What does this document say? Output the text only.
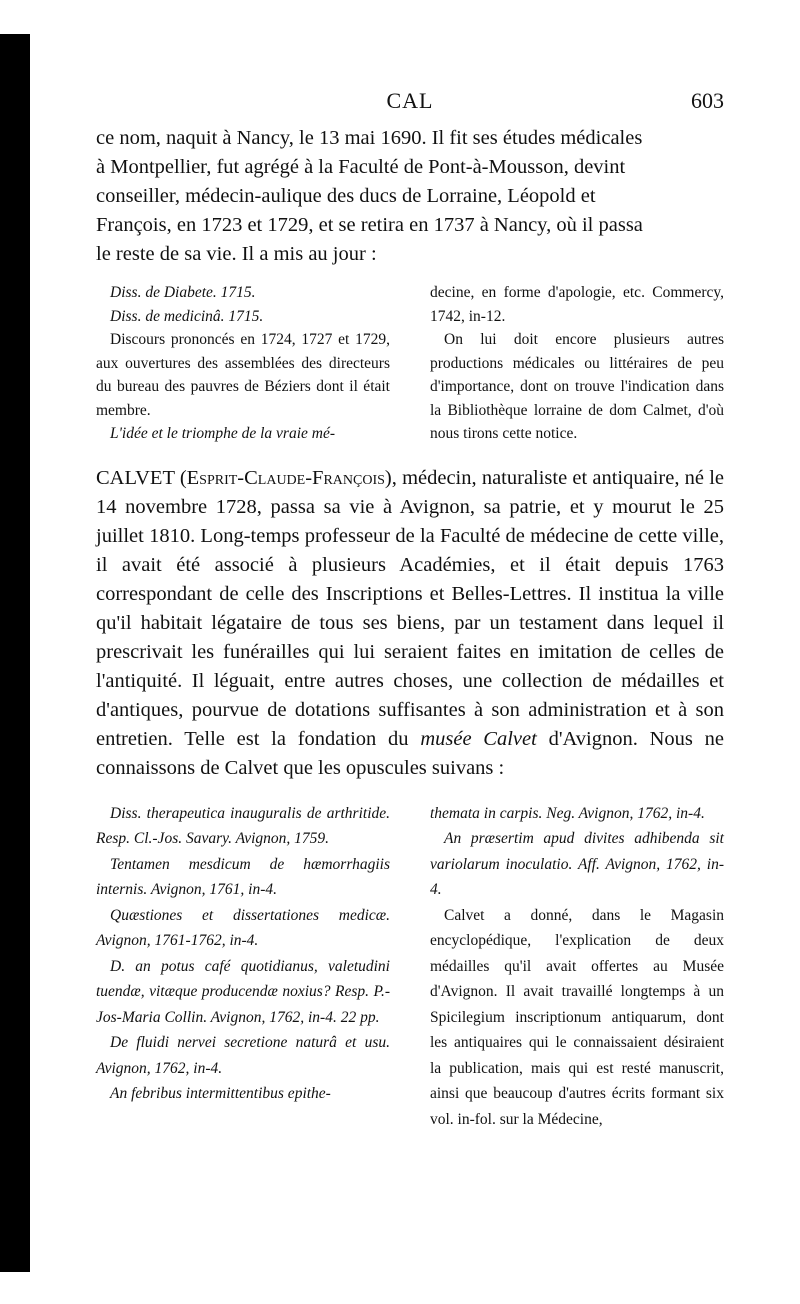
CAL	603

ce nom, naquit à Nancy, le 13 mai 1690. Il fit ses études médicales

à Montpellier, fut agrégé à la Faculté de Pont-à-Mousson, devint

conseiller, médecin-aulique des ducs de Lorraine, Léopold et

François, en 1723 et 1729, et se retira en 1737 à Nancy, où il passa

le reste de sa vie. Il a mis au jour :

Diss. de Diabete. 1715.

Diss. de medicinâ. 1715.

Discours prononcés en 1724, 1727 et 1729, aux ouvertures des assemblées des directeurs du bureau des pauvres de Béziers dont il était membre.

L'idée et le triomphe de la vraie mé-

decine, en forme d'apologie, etc. Commercy, 1742, in-12.

On lui doit encore plusieurs autres productions médicales ou littéraires de peu d'importance, dont on trouve l'indication dans la Bibliothèque lorraine de dom Calmet, d'où nous tirons cette notice.

CALVET (Esprit-Claude-François), médecin, naturaliste et antiquaire, né le 14 novembre 1728, passa sa vie à Avignon, sa patrie, et y mourut le 25 juillet 1810. Long-temps professeur de la Faculté de médecine de cette ville, il avait été associé à plusieurs Académies, et il était depuis 1763 correspondant de celle des Inscriptions et Belles-Lettres. Il institua la ville qu'il habitait légataire de tous ses biens, par un testament dans lequel il prescrivait les funérailles qui lui seraient faites en imitation de celles de l'antiquité. Il léguait, entre autres choses, une collection de médailles et d'antiques, pourvue de dotations suffisantes à son administration et à son entretien. Telle est la fondation du musée Calvet d'Avignon. Nous ne connaissons de Calvet que les opuscules suivans :

Diss. therapeutica inauguralis de arthritide. Resp. Cl.-Jos. Savary. Avignon, 1759.

Tentamen mesdicum de hæmorrhagiis internis. Avignon, 1761, in-4.

Quæstiones et dissertationes medicæ. Avignon, 1761-1762, in-4.

D. an potus café quotidianus, valetudini tuendæ, vitæque producendæ noxius? Resp. P.-Jos-Maria Collin. Avignon, 1762, in-4. 22 pp.

De fluidi nervei secretione naturâ et usu. Avignon, 1762, in-4.

An febribus intermittentibus epithe-

themata in carpis. Neg. Avignon, 1762, in-4.

An præsertim apud divites adhibenda sit variolarum inoculatio. Aff. Avignon, 1762, in-4.

Calvet a donné, dans le Magasin encyclopédique, l'explication de deux médailles qu'il avait offertes au Musée d'Avignon. Il avait travaillé longtemps à un Spicilegium inscriptionum antiquarum, dont les antiquaires qui le connaissaient désiraient la publication, mais qui est resté manuscrit, ainsi que beaucoup d'autres écrits formant six vol. in-fol. sur la Médecine,
